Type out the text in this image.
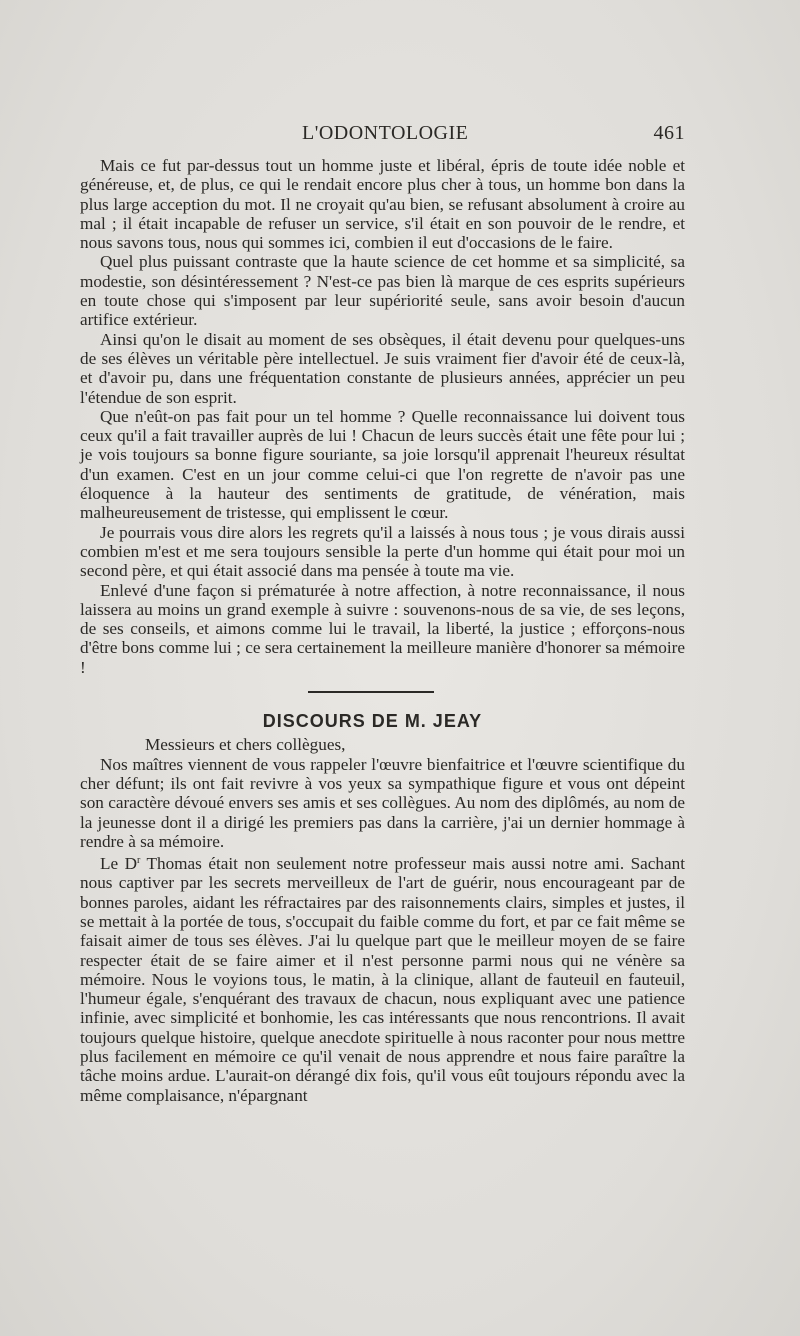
L'ODONTOLOGIE	461

Mais ce fut par-dessus tout un homme juste et libéral, épris de toute idée noble et généreuse, et, de plus, ce qui le rendait encore plus cher à tous, un homme bon dans la plus large acception du mot. Il ne croyait qu'au bien, se refusant absolument à croire au mal ; il était incapable de refuser un service, s'il était en son pouvoir de le rendre, et nous savons tous, nous qui sommes ici, combien il eut d'occasions de le faire.

Quel plus puissant contraste que la haute science de cet homme et sa simplicité, sa modestie, son désintéressement ? N'est-ce pas bien là marque de ces esprits supérieurs en toute chose qui s'imposent par leur supériorité seule, sans avoir besoin d'aucun artifice extérieur.

Ainsi qu'on le disait au moment de ses obsèques, il était devenu pour quelques-uns de ses élèves un véritable père intellectuel. Je suis vraiment fier d'avoir été de ceux-là, et d'avoir pu, dans une fréquentation constante de plusieurs années, apprécier un peu l'étendue de son esprit.

Que n'eût-on pas fait pour un tel homme ? Quelle reconnaissance lui doivent tous ceux qu'il a fait travailler auprès de lui ! Chacun de leurs succès était une fête pour lui ; je vois toujours sa bonne figure souriante, sa joie lorsqu'il apprenait l'heureux résultat d'un examen. C'est en un jour comme celui-ci que l'on regrette de n'avoir pas une éloquence à la hauteur des sentiments de gratitude, de vénération, mais malheureusement de tristesse, qui emplissent le cœur.

Je pourrais vous dire alors les regrets qu'il a laissés à nous tous ; je vous dirais aussi combien m'est et me sera toujours sensible la perte d'un homme qui était pour moi un second père, et qui était associé dans ma pensée à toute ma vie.

Enlevé d'une façon si prématurée à notre affection, à notre reconnaissance, il nous laissera au moins un grand exemple à suivre : souvenons-nous de sa vie, de ses leçons, de ses conseils, et aimons comme lui le travail, la liberté, la justice ; efforçons-nous d'être bons comme lui ; ce sera certainement la meilleure manière d'honorer sa mémoire !

DISCOURS DE M. JEAY

Messieurs et chers collègues,

Nos maîtres viennent de vous rappeler l'œuvre bienfaitrice et l'œuvre scientifique du cher défunt; ils ont fait revivre à vos yeux sa sympathique figure et vous ont dépeint son caractère dévoué envers ses amis et ses collègues. Au nom des diplômés, au nom de la jeunesse dont il a dirigé les premiers pas dans la carrière, j'ai un dernier hommage à rendre à sa mémoire.

Le $D^r$ Thomas était non seulement notre professeur mais aussi notre ami. Sachant nous captiver par les secrets merveilleux de l'art de guérir, nous encourageant par de bonnes paroles, aidant les réfractaires par des raisonnements clairs, simples et justes, il se mettait à la portée de tous, s'occupait du faible comme du fort, et par ce fait même se faisait aimer de tous ses élèves. J'ai lu quelque part que le meilleur moyen de se faire respecter était de se faire aimer et il n'est personne parmi nous qui ne vénère sa mémoire. Nous le voyions tous, le matin, à la clinique, allant de fauteuil en fauteuil, l'humeur égale, s'enquérant des travaux de chacun, nous expliquant avec une patience infinie, avec simplicité et bonhomie, les cas intéressants que nous rencontrions. Il avait toujours quelque histoire, quelque anecdote spirituelle à nous raconter pour nous mettre plus facilement en mémoire ce qu'il venait de nous apprendre et nous faire paraître la tâche moins ardue. L'aurait-on dérangé dix fois, qu'il vous eût toujours répondu avec la même complaisance, n'épargnant
